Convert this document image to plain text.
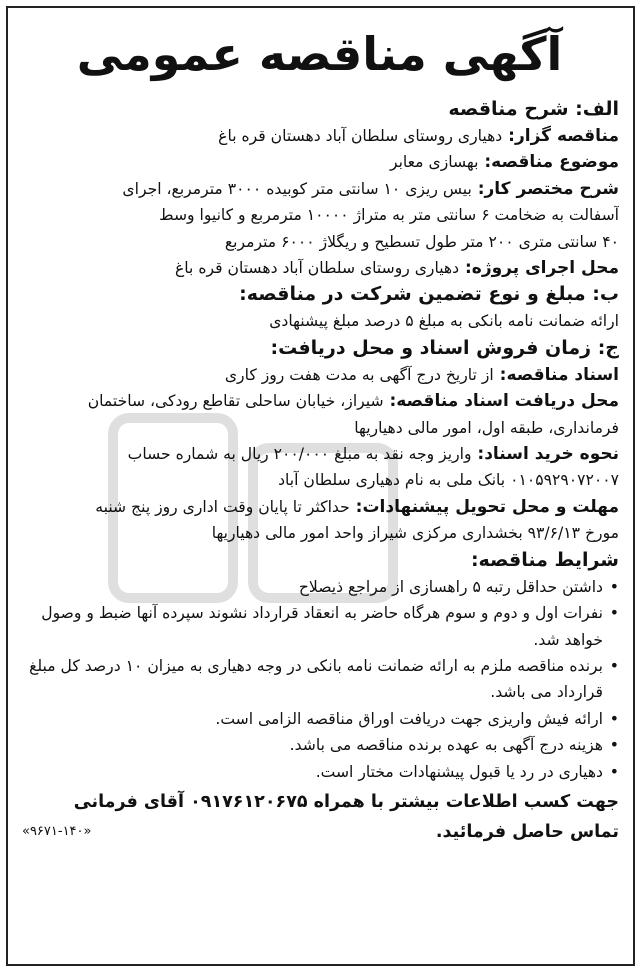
آگهی مناقصه عمومی
الف: شرح مناقصه
مناقصه گزار : دهیاری روستای سلطان آباد دهستان قره باغ
موضوع مناقصه : بهسازی معابر
شرح مختصر کار : بیس ریزی ۱۰ سانتی متر کوبیده ۳۰۰۰ مترمربع، اجرای
آسفالت به ضخامت ۶ سانتی متر به متراژ ۱۰۰۰۰ مترمربع و کانیوا وسط
۴۰ سانتی متری ۲۰۰ متر طول تسطیح و ریگلاژ ۶۰۰۰ مترمربع
محل اجرای پروژه : دهیاری روستای سلطان آباد دهستان قره باغ
ب: مبلغ و نوع تضمین شرکت در مناقصه:
ارائه ضمانت نامه بانکی به مبلغ ۵ درصد مبلغ پیشنهادی
ج: زمان فروش اسناد و محل دریافت:
اسناد مناقصه : از تاریخ درج آگهی به مدت هفت روز کاری
محل دریافت اسناد مناقصه : شیراز، خیابان ساحلی تقاطع رودکی، ساختمان
فرمانداری، طبقه اول، امور مالی دهیاریها
نحوه خرید اسناد : واریز وجه نقد به مبلغ ۲۰۰/۰۰۰ ریال به شماره حساب
۰۱۰۵۹۲۹۰۷۲۰۰۷ بانک ملی به نام دهیاری سلطان آباد
مهلت و محل تحویل پیشنهادات : حداکثر تا پایان وقت اداری روز پنج شنبه
مورخ ۹۳/۶/۱۳ بخشداری مرکزی شیراز واحد امور مالی دهیاریها
شرایط مناقصه:
•
داشتن حداقل رتبه ۵ راهسازی از مراجع ذیصلاح
•
نفرات اول و دوم و سوم هرگاه حاضر به انعقاد قرارداد نشوند سپرده آنها ضبط و وصول خواهد شد.
•
برنده مناقصه ملزم به ارائه ضمانت نامه بانکی در وجه دهیاری به میزان ۱۰ درصد کل مبلغ قرارداد می باشد.
•
ارائه فیش واریزی جهت دریافت اوراق مناقصه الزامی است.
•
هزینه درج آگهی به عهده برنده مناقصه می باشد.
•
دهیاری در رد یا قبول پیشنهادات مختار است.
جهت کسب اطلاعات بیشتر با همراه ۰۹۱۷۶۱۲۰۶۷۵ آقای فرمانی
تماس حاصل فرمائید.
«۹۶۷۱-۱۴۰»
